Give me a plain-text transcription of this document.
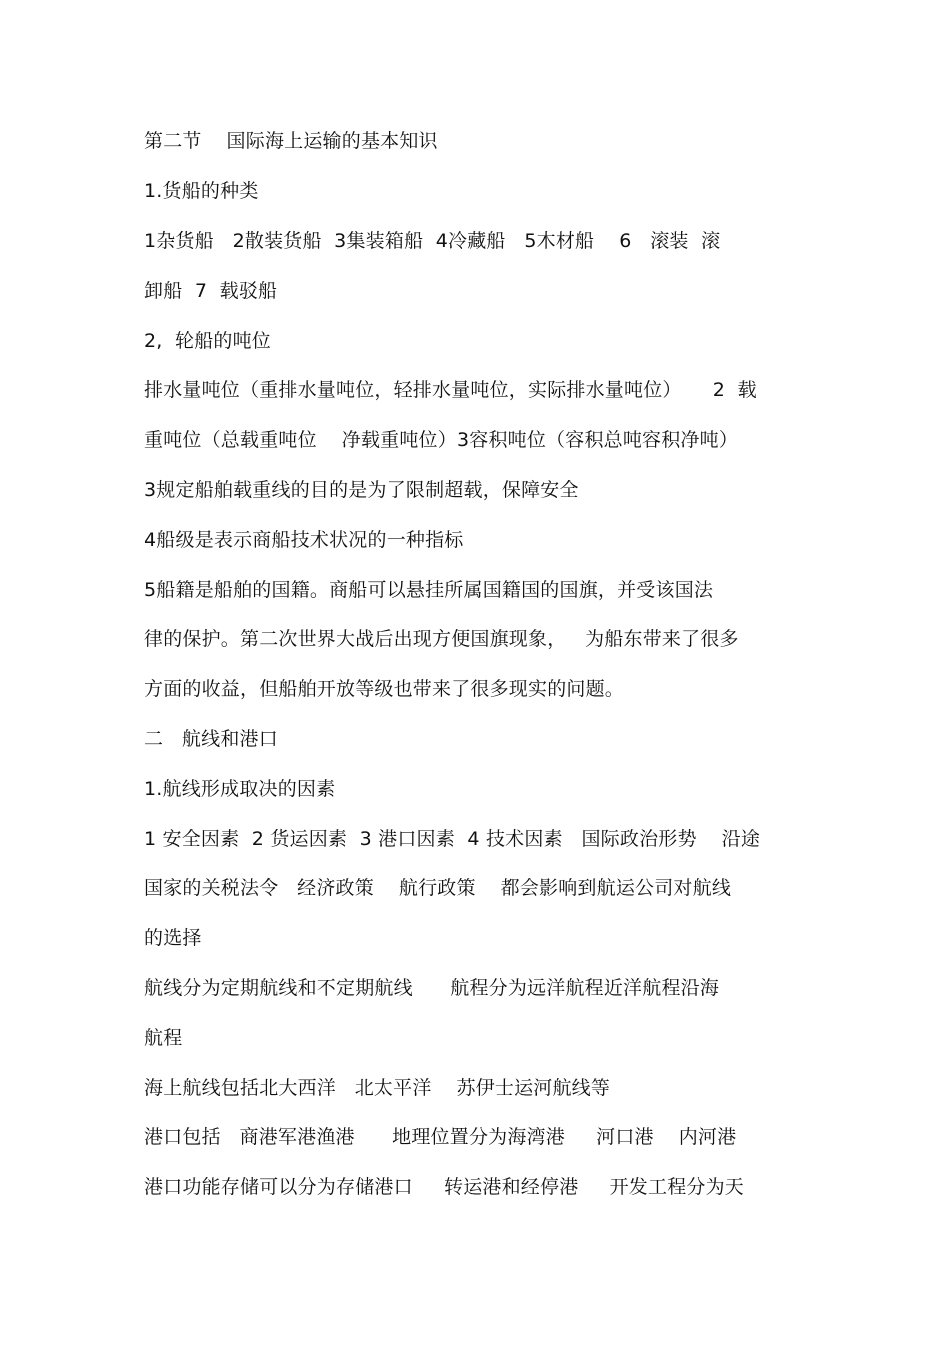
第二节    国际海上运输的基本知识
1.货船的种类
1杂货船   2散装货船  3集装箱船  4冷藏船   5木材船    6   滚装  滚
卸船  7  载驳船
2,  轮船的吨位
排水量吨位（重排水量吨位，轻排水量吨位，实际排水量吨位）     2  载
重吨位（总载重吨位    净载重吨位）3容积吨位（容积总吨容积净吨）
3规定船舶载重线的目的是为了限制超载，保障安全
4船级是表示商船技术状况的一种指标
5船籍是船舶的国籍。商船可以悬挂所属国籍国的国旗，并受该国法
律的保护。第二次世界大战后出现方便国旗现象，   为船东带来了很多
方面的收益，但船舶开放等级也带来了很多现实的问题。
二   航线和港口
1.航线形成取决的因素
1 安全因素  2 货运因素  3 港口因素  4 技术因素   国际政治形势    沿途
国家的关税法令   经济政策    航行政策    都会影响到航运公司对航线
的选择
航线分为定期航线和不定期航线      航程分为远洋航程近洋航程沿海
航程
海上航线包括北大西洋   北太平洋    苏伊士运河航线等
港口包括   商港军港渔港      地理位置分为海湾港     河口港    内河港
港口功能存储可以分为存储港口     转运港和经停港     开发工程分为天
